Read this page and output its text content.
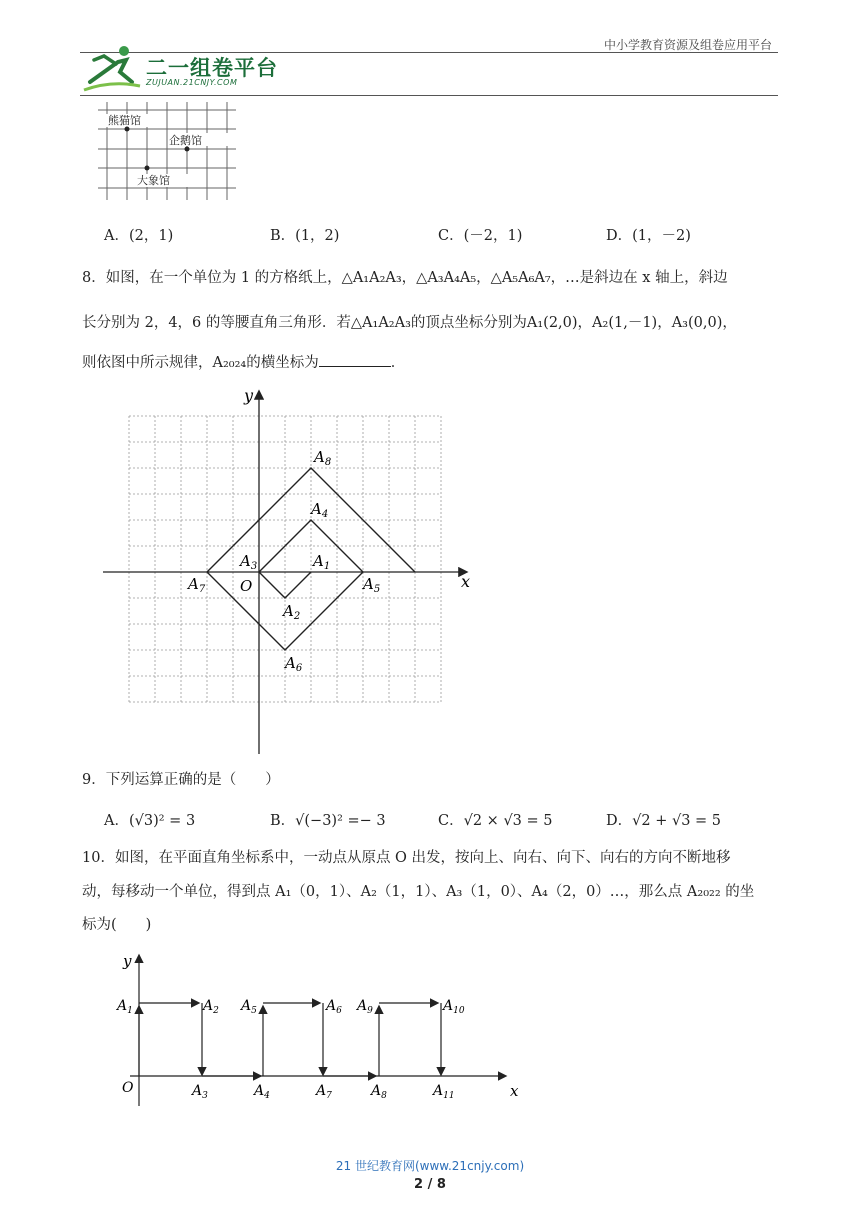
中小学教育资源及组卷应用平台
二一组卷平台
ZUJUAN.21CNJY.COM
熊猫馆
企鹅馆
大象馆
A．(2，1)	B．(1，2)	C．(－2，1)	D．(1，－2)
8．如图，在一个单位为 1 的方格纸上，△A₁A₂A₃，△A₃A₄A₅，△A₅A₆A₇，…是斜边在 x 轴上，斜边
长分别为 2，4，6 的等腰直角三角形．若△A₁A₂A₃的顶点坐标分别为A₁(2,0)，A₂(1,－1)，A₃(0,0)，
则依图中所示规律，A₂₀₂₄的横坐标为	．
x
y
O
$A_1$
$A_2$
$A_3$
$A_4$
$A_5$
$A_6$
$A_7$
$A_8$
9．下列运算正确的是（　　）
A．(√3)² = 3	B．√(−3)² =− 3	C．√2 × √3 = 5	D．√2 + √3 = 5
10．如图，在平面直角坐标系中，一动点从原点 O 出发，按向上、向右、向下、向右的方向不断地移
动，每移动一个单位，得到点 A₁（0，1）、A₂（1，1）、A₃（1，0）、A₄（2，0）…，那么点 A₂₀₂₂ 的坐
标为(　　)
x
y
O
$A_1$	$A_2$
$A_3$	$A_4$
$A_5$	$A_6$
$A_7$	$A_8$
$A_9$	$A_{10}$
$A_{11}$
21 世纪教育网(www.21cnjy.com)
2 / 8
